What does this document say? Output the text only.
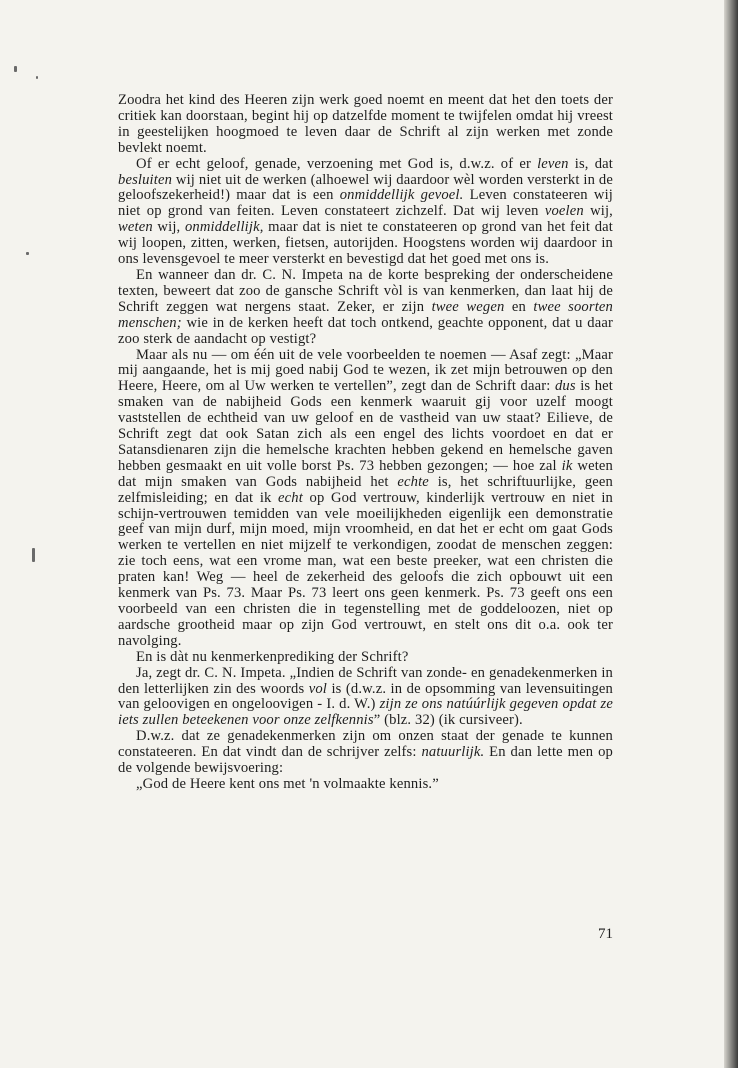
Zoodra het kind des Heeren zijn werk goed noemt en meent dat het den toets der critiek kan doorstaan, begint hij op datzelfde moment te twijfelen omdat hij vreest in geestelijken hoogmoed te leven daar de Schrift al zijn werken met zonde bevlekt noemt.

Of er echt geloof, genade, verzoening met God is, d.w.z. of er leven is, dat besluiten wij niet uit de werken (alhoewel wij daardoor wèl worden versterkt in de geloofszekerheid!) maar dat is een onmiddellijk gevoel. Leven constateeren wij niet op grond van feiten. Leven constateert zichzelf. Dat wij leven voelen wij, weten wij, onmiddellijk, maar dat is niet te constateeren op grond van het feit dat wij loopen, zitten, werken, fietsen, autorijden. Hoogstens worden wij daardoor in ons levensgevoel te meer versterkt en bevestigd dat het goed met ons is.

En wanneer dan dr. C. N. Impeta na de korte bespreking der onderscheidene texten, beweert dat zoo de gansche Schrift vòl is van kenmerken, dan laat hij de Schrift zeggen wat nergens staat. Zeker, er zijn twee wegen en twee soorten menschen; wie in de kerken heeft dat toch ontkend, geachte opponent, dat u daar zoo sterk de aandacht op vestigt?

Maar als nu — om één uit de vele voorbeelden te noemen — Asaf zegt: „Maar mij aangaande, het is mij goed nabij God te wezen, ik zet mijn betrouwen op den Heere, Heere, om al Uw werken te vertellen”, zegt dan de Schrift daar: dus is het smaken van de nabijheid Gods een kenmerk waaruit gij voor uzelf moogt vaststellen de echtheid van uw geloof en de vastheid van uw staat? Eilieve, de Schrift zegt dat ook Satan zich als een engel des lichts voordoet en dat er Satansdienaren zijn die hemelsche krachten hebben gekend en hemelsche gaven hebben gesmaakt en uit volle borst Ps. 73 hebben gezongen; — hoe zal ik weten dat mijn smaken van Gods nabijheid het echte is, het schriftuurlijke, geen zelfmisleiding; en dat ik echt op God vertrouw, kinderlijk vertrouw en niet in schijn-vertrouwen temidden van vele moeilijkheden eigenlijk een demonstratie geef van mijn durf, mijn moed, mijn vroomheid, en dat het er echt om gaat Gods werken te vertellen en niet mijzelf te verkondigen, zoodat de menschen zeggen: zie toch eens, wat een vrome man, wat een beste preeker, wat een christen die praten kan! Weg — heel de zekerheid des geloofs die zich opbouwt uit een kenmerk van Ps. 73. Maar Ps. 73 leert ons geen kenmerk. Ps. 73 geeft ons een voorbeeld van een christen die in tegenstelling met de goddeloozen, niet op aardsche grootheid maar op zijn God vertrouwt, en stelt ons dit o.a. ook ter navolging.

En is dàt nu kenmerkenprediking der Schrift?

Ja, zegt dr. C. N. Impeta. „Indien de Schrift van zonde- en genadekenmerken in den letterlijken zin des woords vol is (d.w.z. in de opsomming van levensuitingen van geloovigen en ongeloovigen - I. d. W.) zijn ze ons natúúrlijk gegeven opdat ze iets zullen beteekenen voor onze zelfkennis” (blz. 32) (ik cursiveer).

D.w.z. dat ze genadekenmerken zijn om onzen staat der genade te kunnen constateeren. En dat vindt dan de schrijver zelfs: natuurlijk. En dan lette men op de volgende bewijsvoering:

„God de Heere kent ons met 'n volmaakte kennis.”

71
